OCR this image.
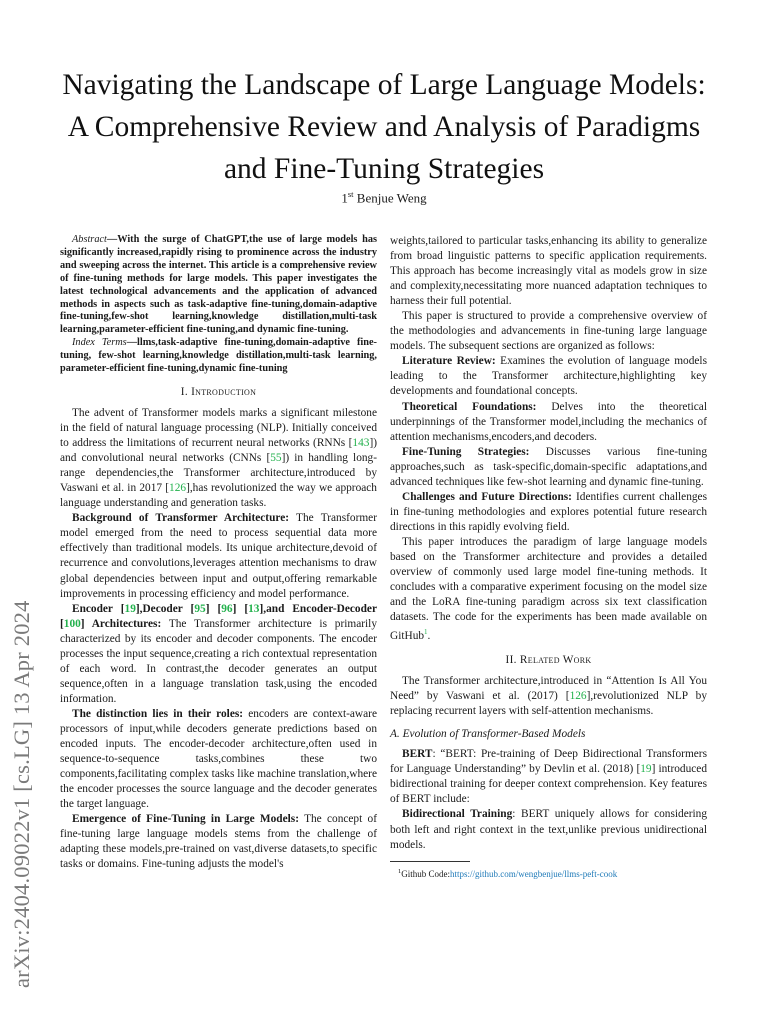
arXiv:2404.09022v1 [cs.LG] 13 Apr 2024
Navigating the Landscape of Large Language Models: A Comprehensive Review and Analysis of Paradigms and Fine-Tuning Strategies
1st Benjue Weng

Abstract—With the surge of ChatGPT,the use of large models has significantly increased,rapidly rising to prominence across the industry and sweeping across the internet. This article is a comprehensive review of fine-tuning methods for large models. This paper investigates the latest technological advancements and the application of advanced methods in aspects such as task-adaptive fine-tuning,domain-adaptive fine-tuning,few-shot learning,knowledge distillation,multi-task learning,parameter-efficient fine-tuning,and dynamic fine-tuning.

Index Terms—llms,task-adaptive fine-tuning,domain-adaptive fine-tuning, few-shot learning,knowledge distillation,multi-task learning, parameter-efficient fine-tuning,dynamic fine-tuning

I. Introduction

The advent of Transformer models marks a significant milestone in the field of natural language processing (NLP). Initially conceived to address the limitations of recurrent neural networks (RNNs [143]) and convolutional neural networks (CNNs [55]) in handling long-range dependencies,the Transformer architecture,introduced by Vaswani et al. in 2017 [126],has revolutionized the way we approach language understanding and generation tasks.

Background of Transformer Architecture: The Transformer model emerged from the need to process sequential data more effectively than traditional models. Its unique architecture,devoid of recurrence and convolutions,leverages attention mechanisms to draw global dependencies between input and output,offering remarkable improvements in processing efficiency and model performance.

Encoder [19],Decoder [95] [96] [13],and Encoder-Decoder [100] Architectures: The Transformer architecture is primarily characterized by its encoder and decoder components. The encoder processes the input sequence,creating a rich contextual representation of each word. In contrast,the decoder generates an output sequence,often in a language translation task,using the encoded information.

The distinction lies in their roles: encoders are context-aware processors of input,while decoders generate predictions based on encoded inputs. The encoder-decoder architecture,often used in sequence-to-sequence tasks,combines these two components,facilitating complex tasks like machine translation,where the encoder processes the source language and the decoder generates the target language.

Emergence of Fine-Tuning in Large Models: The concept of fine-tuning large language models stems from the challenge of adapting these models,pre-trained on vast,diverse datasets,to specific tasks or domains. Fine-tuning adjusts the model's

weights,tailored to particular tasks,enhancing its ability to generalize from broad linguistic patterns to specific application requirements. This approach has become increasingly vital as models grow in size and complexity,necessitating more nuanced adaptation techniques to harness their full potential.

This paper is structured to provide a comprehensive overview of the methodologies and advancements in fine-tuning large language models. The subsequent sections are organized as follows:

Literature Review: Examines the evolution of language models leading to the Transformer architecture,highlighting key developments and foundational concepts.

Theoretical Foundations: Delves into the theoretical underpinnings of the Transformer model,including the mechanics of attention mechanisms,encoders,and decoders.

Fine-Tuning Strategies: Discusses various fine-tuning approaches,such as task-specific,domain-specific adaptations,and advanced techniques like few-shot learning and dynamic fine-tuning.

Challenges and Future Directions: Identifies current challenges in fine-tuning methodologies and explores potential future research directions in this rapidly evolving field.

This paper introduces the paradigm of large language models based on the Transformer architecture and provides a detailed overview of commonly used large model fine-tuning methods. It concludes with a comparative experiment focusing on the model size and the LoRA fine-tuning paradigm across six text classification datasets. The code for the experiments has been made available on GitHub$^1$.

II. Related Work

The Transformer architecture,introduced in “Attention Is All You Need” by Vaswani et al. (2017) [126],revolutionized NLP by replacing recurrent layers with self-attention mechanisms.

A. Evolution of Transformer-Based Models

BERT: “BERT: Pre-training of Deep Bidirectional Transformers for Language Understanding” by Devlin et al. (2018) [19] introduced bidirectional training for deeper context comprehension. Key features of BERT include:

Bidirectional Training: BERT uniquely allows for considering both left and right context in the text,unlike previous unidirectional models.

$^1$Github Code:https://github.com/wengbenjue/llms-peft-cook
